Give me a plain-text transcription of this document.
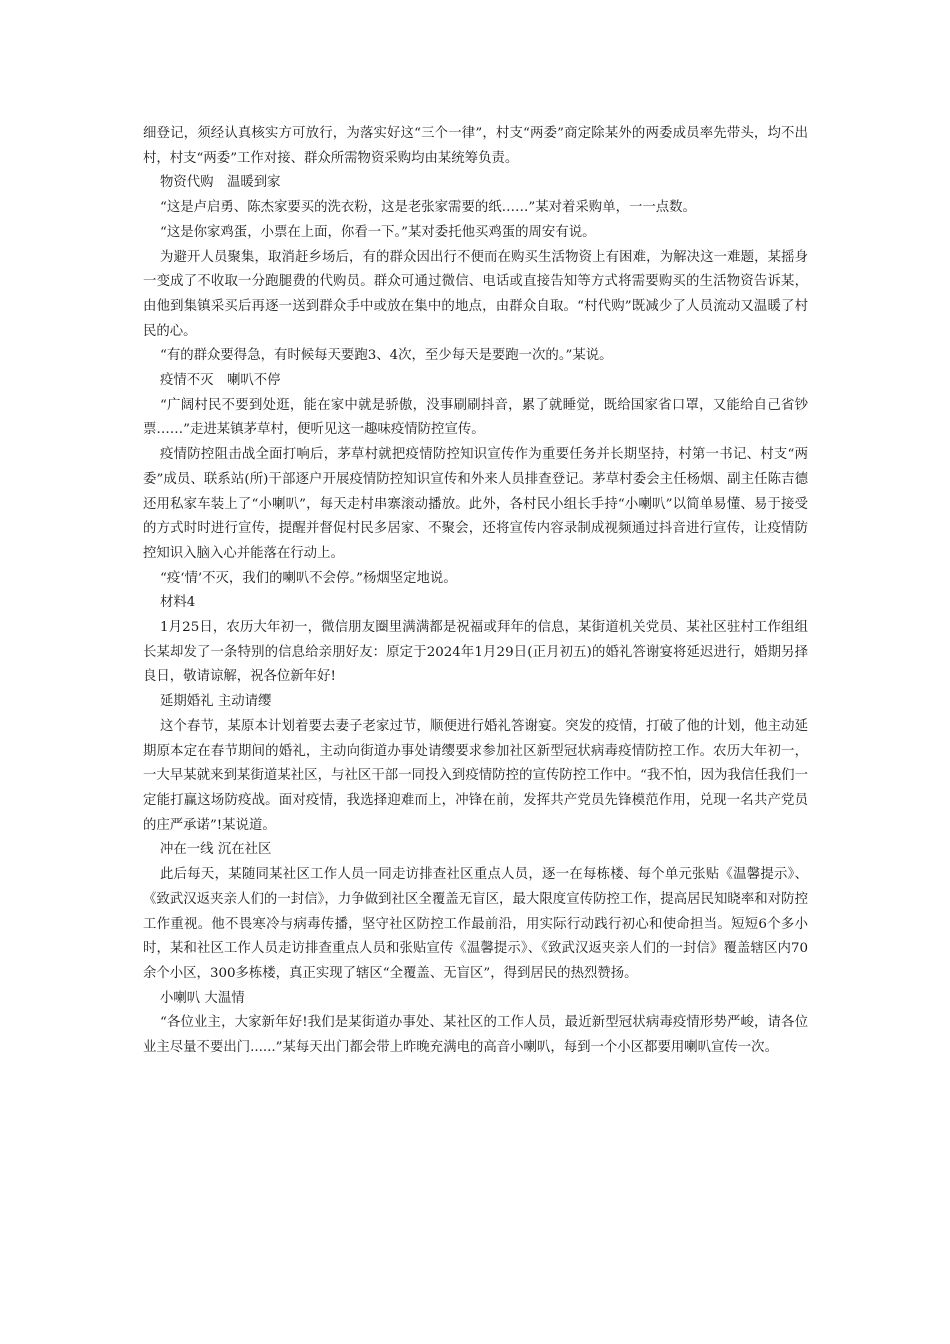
细登记，须经认真核实方可放行，为落实好这“三个一律”，村支“两委”商定除某外的两委成员率先带头，均不出村，村支“两委”工作对接、群众所需物资采购均由某统筹负责。

物资代购　温暖到家

“这是卢启勇、陈杰家要买的洗衣粉，这是老张家需要的纸……”某对着采购单，一一点数。

“这是你家鸡蛋，小票在上面，你看一下。”某对委托他买鸡蛋的周安有说。

为避开人员聚集，取消赶乡场后，有的群众因出行不便而在购买生活物资上有困难，为解决这一难题，某摇身一变成了不收取一分跑腿费的代购员。群众可通过微信、电话或直接告知等方式将需要购买的生活物资告诉某，由他到集镇采买后再逐一送到群众手中或放在集中的地点，由群众自取。“村代购”既减少了人员流动又温暖了村民的心。

“有的群众要得急，有时候每天要跑3、4次，至少每天是要跑一次的。”某说。

疫情不灭　喇叭不停

“广阔村民不要到处逛，能在家中就是骄傲，没事刷刷抖音，累了就睡觉，既给国家省口罩，又能给自己省钞票……”走进某镇茅草村，便听见这一趣味疫情防控宣传。

疫情防控阻击战全面打响后，茅草村就把疫情防控知识宣传作为重要任务并长期坚持，村第一书记、村支“两委”成员、联系站(所)干部逐户开展疫情防控知识宣传和外来人员排查登记。茅草村委会主任杨烟、副主任陈吉德还用私家车装上了“小喇叭”，每天走村串寨滚动播放。此外，各村民小组长手持“小喇叭”以简单易懂、易于接受的方式时时进行宣传，提醒并督促村民多居家、不聚会，还将宣传内容录制成视频通过抖音进行宣传，让疫情防控知识入脑入心并能落在行动上。

“疫‘情’不灭，我们的喇叭不会停。”杨烟坚定地说。

材料4

1月25日，农历大年初一，微信朋友圈里满满都是祝福或拜年的信息，某街道机关党员、某社区驻村工作组组长某却发了一条特别的信息给亲朋好友：原定于2024年1月29日(正月初五)的婚礼答谢宴将延迟进行，婚期另择良日，敬请谅解，祝各位新年好!

延期婚礼 主动请缨

这个春节，某原本计划着要去妻子老家过节，顺便进行婚礼答谢宴。突发的疫情，打破了他的计划，他主动延期原本定在春节期间的婚礼，主动向街道办事处请缨要求参加社区新型冠状病毒疫情防控工作。农历大年初一，一大早某就来到某街道某社区，与社区干部一同投入到疫情防控的宣传防控工作中。“我不怕，因为我信任我们一定能打赢这场防疫战。面对疫情，我选择迎难而上，冲锋在前，发挥共产党员先锋模范作用，兑现一名共产党员的庄严承诺”!某说道。

冲在一线 沉在社区

此后每天，某随同某社区工作人员一同走访排查社区重点人员，逐一在每栋楼、每个单元张贴《温馨提示》、《致武汉返夹亲人们的一封信》，力争做到社区全覆盖无盲区，最大限度宣传防控工作，提高居民知晓率和对防控工作重视。他不畏寒冷与病毒传播，坚守社区防控工作最前沿，用实际行动践行初心和使命担当。短短6个多小时，某和社区工作人员走访排查重点人员和张贴宣传《温馨提示》、《致武汉返夹亲人们的一封信》覆盖辖区内70余个小区，300多栋楼，真正实现了辖区“全覆盖、无盲区”，得到居民的热烈赞扬。

小喇叭 大温情

“各位业主，大家新年好!我们是某街道办事处、某社区的工作人员，最近新型冠状病毒疫情形势严峻，请各位业主尽量不要出门......”某每天出门都会带上昨晚充满电的高音小喇叭，每到一个小区都要用喇叭宣传一次。
